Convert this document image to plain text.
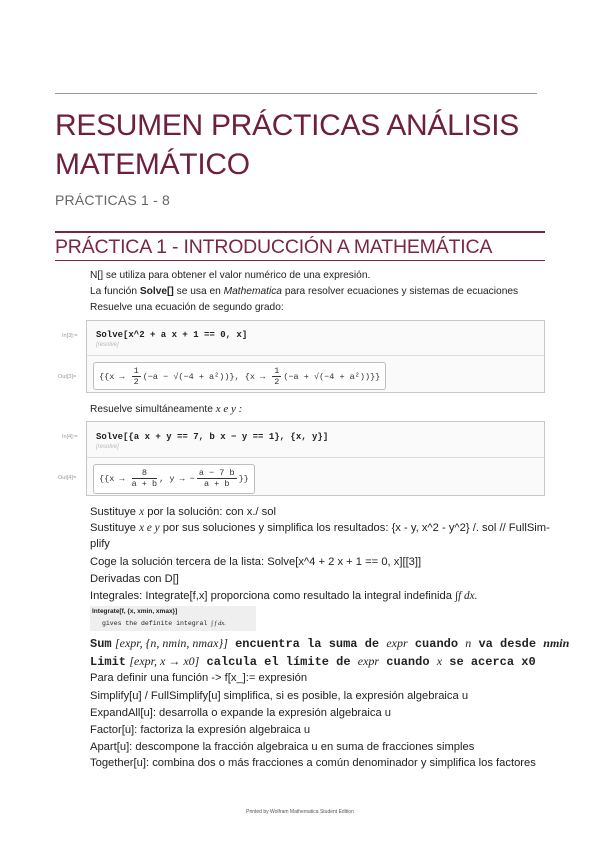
RESUMEN PRÁCTICAS ANÁLISIS
MATEMÁTICO
PRÁCTICAS 1 - 8
PRÁCTICA 1 - INTRODUCCIÓN A MATHEMÁTICA
N[] se utiliza para obtener el valor numérico de una expresión.
La función Solve[] se usa en Mathematica para resolver ecuaciones y sistemas de ecuaciones
Resuelve una ecuación de segundo grado:
In[3]:=
Out[3]=
Solve[x^2 + a x + 1 == 0, x]
[resolve]
{$\{x \to \frac{1}{2} (-a - √(-4 + a^2))\}$, $\{x \to \frac{1}{2} (-a + √(-4 + a^2))\}$}
Resuelve simultáneamente x e y :
In[4]:=
Out[4]=
Solve[{a x + y == 7, b x − y == 1}, {x, y}]
[resolve]
{{$x \to \frac{8}{a + b}$ , y → − $\frac{a - 7 b}{a + b}$ }}
Sustituye x por la solución: con x./ sol
Sustituye x e y por sus soluciones y simplifica los resultados: {x - y, x^2 - y^2} /. sol // FullSim-
plify
Coge la solución tercera de la lista: Solve[x^4 + 2 x + 1 == 0, x][[3]]
Derivadas con D[]
Integrales: Integrate[f,x] proporciona como resultado la integral indefinida ∫f dx.
Integrate[f, {x, xmin, xmax}]
gives the definite integral ∫ f dx.
Sum [expr, {n, nmin, nmax}] encuentra la suma de expr cuando n va desde nmin
Limit [expr, x → x0] calcula el límite de expr cuando x se acerca x0
Para definir una función -> f[x_]:= expresión
Simplify[u] / FullSimplify[u] simplifica, si es posible, la expresión algebraica u
ExpandAll[u]: desarrolla o expande la expresión algebraica u
Factor[u]: factoriza la expresión algebraica u
Apart[u]: descompone la fracción algebraica u en suma de fracciones simples
Together[u]: combina dos o más fracciones a común denominador y simplifica los factores
Printed by Wolfram Mathematica Student Edition
